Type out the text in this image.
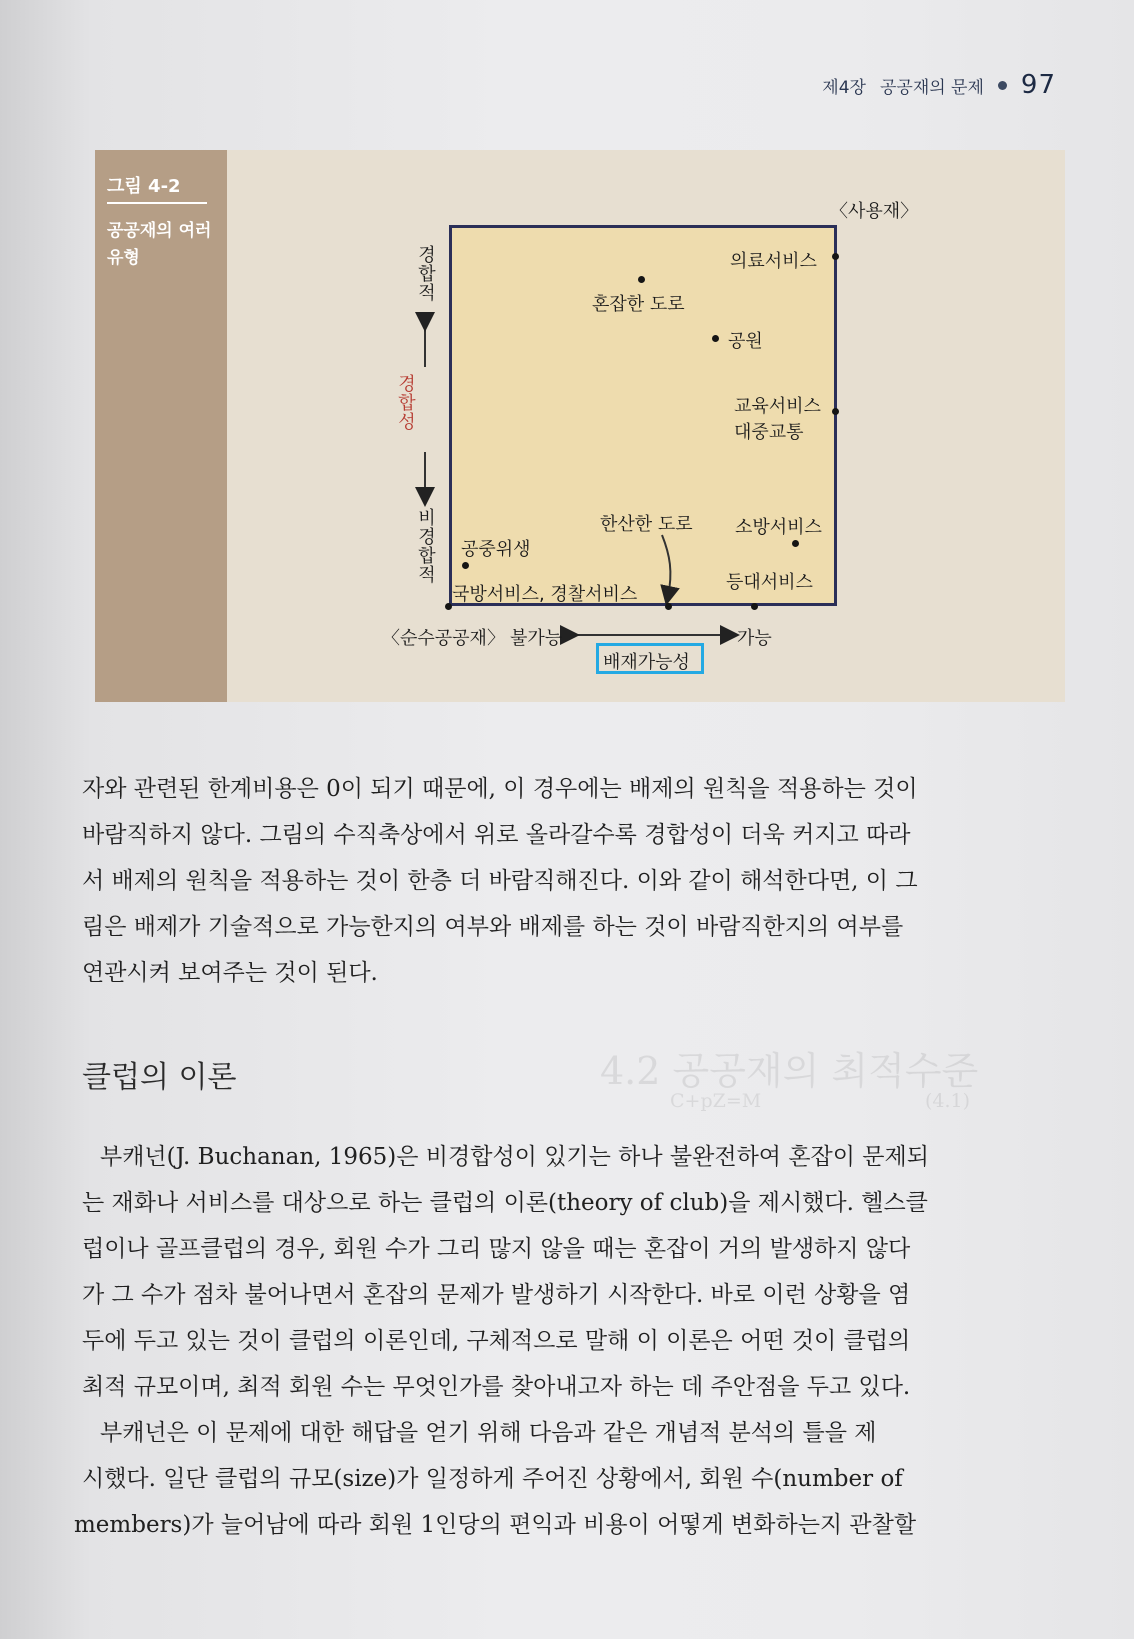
제4장 공공재의 문제 97
그림 4-2
공공재의 여러 유형
4.2 공공재의 최적수준
C+pZ=M	(4.1)
〈사용재〉
경합적
경합성
비경합적
의료서비스
혼잡한 도로
공원
교육서비스
대중교통
한산한 도로 소방서비스
공중위생
국방서비스, 경찰서비스
등대서비스
〈순수공공재〉 불가능	가능
배재가능성
자와 관련된 한계비용은 0이 되기 때문에, 이 경우에는 배제의 원칙을 적용하는 것이
바람직하지 않다. 그림의 수직축상에서 위로 올라갈수록 경합성이 더욱 커지고 따라
서 배제의 원칙을 적용하는 것이 한층 더 바람직해진다. 이와 같이 해석한다면, 이 그
림은 배제가 기술적으로 가능한지의 여부와 배제를 하는 것이 바람직한지의 여부를
연관시켜 보여주는 것이 된다.
클럽의 이론
부캐넌(J. Buchanan, 1965)은 비경합성이 있기는 하나 불완전하여 혼잡이 문제되
는 재화나 서비스를 대상으로 하는 클럽의 이론(theory of club)을 제시했다. 헬스클
럽이나 골프클럽의 경우, 회원 수가 그리 많지 않을 때는 혼잡이 거의 발생하지 않다
가 그 수가 점차 불어나면서 혼잡의 문제가 발생하기 시작한다. 바로 이런 상황을 염
두에 두고 있는 것이 클럽의 이론인데, 구체적으로 말해 이 이론은 어떤 것이 클럽의
최적 규모이며, 최적 회원 수는 무엇인가를 찾아내고자 하는 데 주안점을 두고 있다.
부캐넌은 이 문제에 대한 해답을 얻기 위해 다음과 같은 개념적 분석의 틀을 제
시했다. 일단 클럽의 규모(size)가 일정하게 주어진 상황에서, 회원 수(number of
members)가 늘어남에 따라 회원 1인당의 편익과 비용이 어떻게 변화하는지 관찰할
